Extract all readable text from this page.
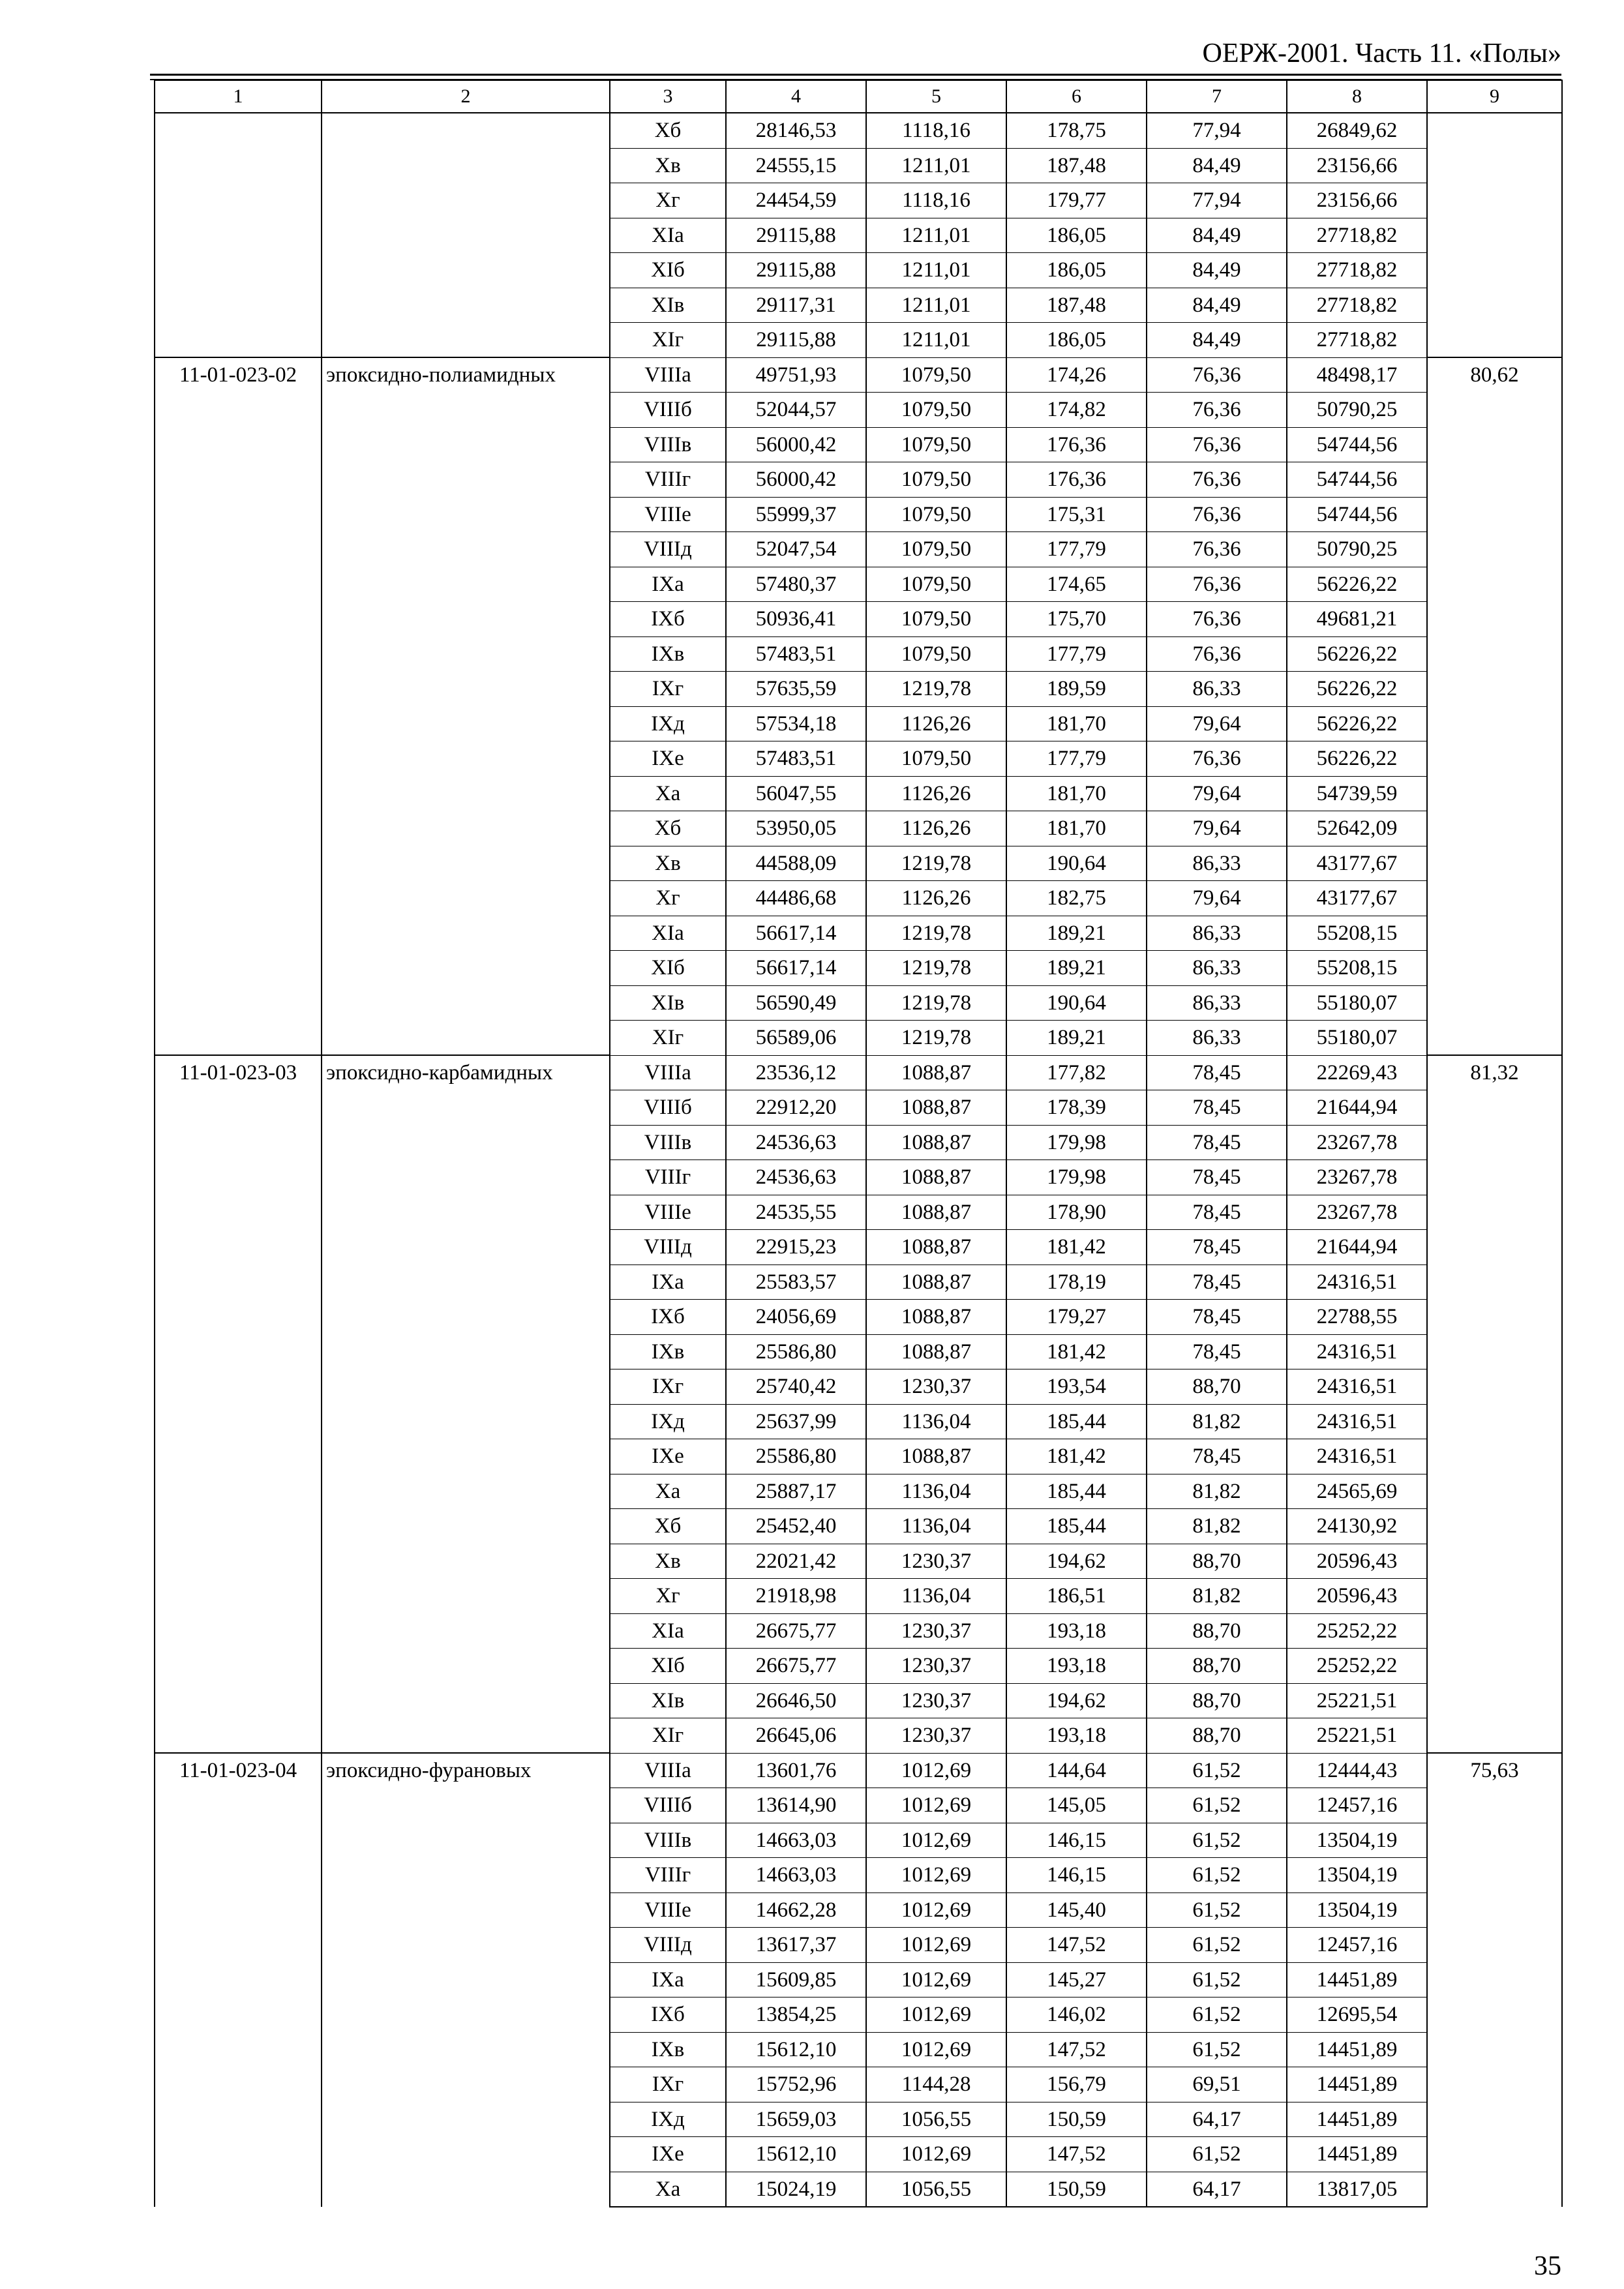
ОЕРЖ-2001. Часть 11. «Полы»
1	2	3	4	5	6	7	8	9
		Xб	28146,53	1118,16	178,75	77,94	26849,62	
		Xв	24555,15	1211,01	187,48	84,49	23156,66	
		Xг	24454,59	1118,16	179,77	77,94	23156,66	
		XIа	29115,88	1211,01	186,05	84,49	27718,82	
		XIб	29115,88	1211,01	186,05	84,49	27718,82	
		XIв	29117,31	1211,01	187,48	84,49	27718,82	
		XIг	29115,88	1211,01	186,05	84,49	27718,82	
11-01-023-02	эпоксидно-полиамидных	VIIIа	49751,93	1079,50	174,26	76,36	48498,17	80,62
		VIIIб	52044,57	1079,50	174,82	76,36	50790,25	
		VIIIв	56000,42	1079,50	176,36	76,36	54744,56	
		VIIIг	56000,42	1079,50	176,36	76,36	54744,56	
		VIIIе	55999,37	1079,50	175,31	76,36	54744,56	
		VIIIд	52047,54	1079,50	177,79	76,36	50790,25	
		IXа	57480,37	1079,50	174,65	76,36	56226,22	
		IXб	50936,41	1079,50	175,70	76,36	49681,21	
		IXв	57483,51	1079,50	177,79	76,36	56226,22	
		IXг	57635,59	1219,78	189,59	86,33	56226,22	
		IXд	57534,18	1126,26	181,70	79,64	56226,22	
		IXе	57483,51	1079,50	177,79	76,36	56226,22	
		Xа	56047,55	1126,26	181,70	79,64	54739,59	
		Xб	53950,05	1126,26	181,70	79,64	52642,09	
		Xв	44588,09	1219,78	190,64	86,33	43177,67	
		Xг	44486,68	1126,26	182,75	79,64	43177,67	
		XIа	56617,14	1219,78	189,21	86,33	55208,15	
		XIб	56617,14	1219,78	189,21	86,33	55208,15	
		XIв	56590,49	1219,78	190,64	86,33	55180,07	
		XIг	56589,06	1219,78	189,21	86,33	55180,07	
11-01-023-03	эпоксидно-карбамидных	VIIIа	23536,12	1088,87	177,82	78,45	22269,43	81,32
		VIIIб	22912,20	1088,87	178,39	78,45	21644,94	
		VIIIв	24536,63	1088,87	179,98	78,45	23267,78	
		VIIIг	24536,63	1088,87	179,98	78,45	23267,78	
		VIIIе	24535,55	1088,87	178,90	78,45	23267,78	
		VIIIд	22915,23	1088,87	181,42	78,45	21644,94	
		IXа	25583,57	1088,87	178,19	78,45	24316,51	
		IXб	24056,69	1088,87	179,27	78,45	22788,55	
		IXв	25586,80	1088,87	181,42	78,45	24316,51	
		IXг	25740,42	1230,37	193,54	88,70	24316,51	
		IXд	25637,99	1136,04	185,44	81,82	24316,51	
		IXе	25586,80	1088,87	181,42	78,45	24316,51	
		Xа	25887,17	1136,04	185,44	81,82	24565,69	
		Xб	25452,40	1136,04	185,44	81,82	24130,92	
		Xв	22021,42	1230,37	194,62	88,70	20596,43	
		Xг	21918,98	1136,04	186,51	81,82	20596,43	
		XIа	26675,77	1230,37	193,18	88,70	25252,22	
		XIб	26675,77	1230,37	193,18	88,70	25252,22	
		XIв	26646,50	1230,37	194,62	88,70	25221,51	
		XIг	26645,06	1230,37	193,18	88,70	25221,51	
11-01-023-04	эпоксидно-фурановых	VIIIа	13601,76	1012,69	144,64	61,52	12444,43	75,63
		VIIIб	13614,90	1012,69	145,05	61,52	12457,16	
		VIIIв	14663,03	1012,69	146,15	61,52	13504,19	
		VIIIг	14663,03	1012,69	146,15	61,52	13504,19	
		VIIIе	14662,28	1012,69	145,40	61,52	13504,19	
		VIIIд	13617,37	1012,69	147,52	61,52	12457,16	
		IXа	15609,85	1012,69	145,27	61,52	14451,89	
		IXб	13854,25	1012,69	146,02	61,52	12695,54	
		IXв	15612,10	1012,69	147,52	61,52	14451,89	
		IXг	15752,96	1144,28	156,79	69,51	14451,89	
		IXд	15659,03	1056,55	150,59	64,17	14451,89	
		IXе	15612,10	1012,69	147,52	61,52	14451,89	
		Xа	15024,19	1056,55	150,59	64,17	13817,05	
35
